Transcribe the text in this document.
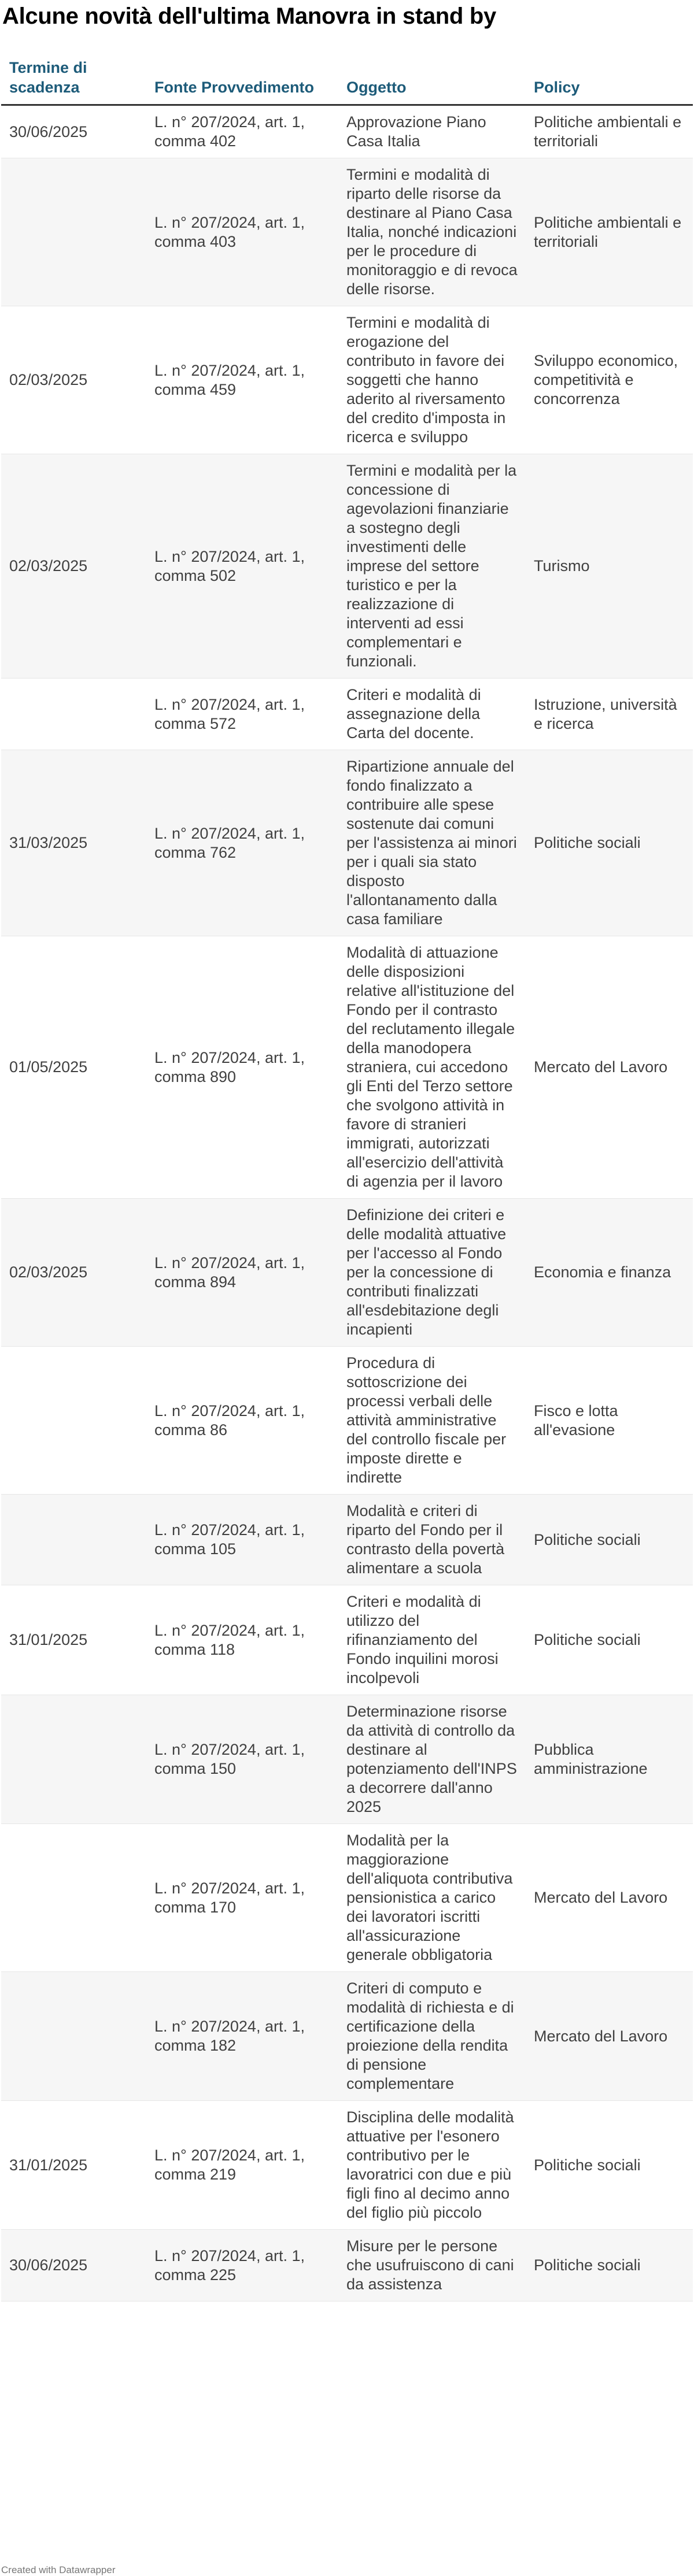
Alcune novità dell'ultima Manovra in stand by
Termine di scadenza	Fonte Provvedimento	Oggetto	Policy
30/06/2025	L. n° 207/2024, art. 1, comma 402	Approvazione Piano Casa Italia	Politiche ambientali e territoriali
	L. n° 207/2024, art. 1, comma 403	Termini e modalità di riparto delle risorse da destinare al Piano Casa Italia, nonché indicazioni per le procedure di monitoraggio e di revoca delle risorse.	Politiche ambientali e territoriali
02/03/2025	L. n° 207/2024, art. 1, comma 459	Termini e modalità di erogazione del contributo in favore dei soggetti che hanno aderito al riversamento del credito d'imposta in ricerca e sviluppo	Sviluppo economico, competitività e concorrenza
02/03/2025	L. n° 207/2024, art. 1, comma 502	Termini e modalità per la concessione di agevolazioni finanziarie a sostegno degli investimenti delle imprese del settore turistico e per la realizzazione di interventi ad essi complementari e funzionali.	Turismo
	L. n° 207/2024, art. 1, comma 572	Criteri e modalità di assegnazione della Carta del docente.	Istruzione, università e ricerca
31/03/2025	L. n° 207/2024, art. 1, comma 762	Ripartizione annuale del fondo finalizzato a contribuire alle spese sostenute dai comuni per l'assistenza ai minori per i quali sia stato disposto l'allontanamento dalla casa familiare	Politiche sociali
01/05/2025	L. n° 207/2024, art. 1, comma 890	Modalità di attuazione delle disposizioni relative all'istituzione del Fondo per il contrasto del reclutamento illegale della manodopera straniera, cui accedono gli Enti del Terzo settore che svolgono attività in favore di stranieri immigrati, autorizzati all'esercizio dell'attività di agenzia per il lavoro	Mercato del Lavoro
02/03/2025	L. n° 207/2024, art. 1, comma 894	Definizione dei criteri e delle modalità attuative per l'accesso al Fondo per la concessione di contributi finalizzati all'esdebitazione degli incapienti	Economia e finanza
	L. n° 207/2024, art. 1, comma 86	Procedura di sottoscrizione dei processi verbali delle attività amministrative del controllo fiscale per imposte dirette e indirette	Fisco e lotta all'evasione
	L. n° 207/2024, art. 1, comma 105	Modalità e criteri di riparto del Fondo per il contrasto della povertà alimentare a scuola	Politiche sociali
31/01/2025	L. n° 207/2024, art. 1, comma 118	Criteri e modalità di utilizzo del rifinanziamento del Fondo inquilini morosi incolpevoli	Politiche sociali
	L. n° 207/2024, art. 1, comma 150	Determinazione risorse da attività di controllo da destinare al potenziamento dell'INPS a decorrere dall'anno 2025	Pubblica amministrazione
	L. n° 207/2024, art. 1, comma 170	Modalità per la maggiorazione dell'aliquota contributiva pensionistica a carico dei lavoratori iscritti all'assicurazione generale obbligatoria	Mercato del Lavoro
	L. n° 207/2024, art. 1, comma 182	Criteri di computo e modalità di richiesta e di certificazione della proiezione della rendita di pensione complementare	Mercato del Lavoro
31/01/2025	L. n° 207/2024, art. 1, comma 219	Disciplina delle modalità attuative per l'esonero contributivo per le lavoratrici con due e più figli fino al decimo anno del figlio più piccolo	Politiche sociali
30/06/2025	L. n° 207/2024, art. 1, comma 225	Misure per le persone che usufruiscono di cani da assistenza	Politiche sociali
Created with Datawrapper
